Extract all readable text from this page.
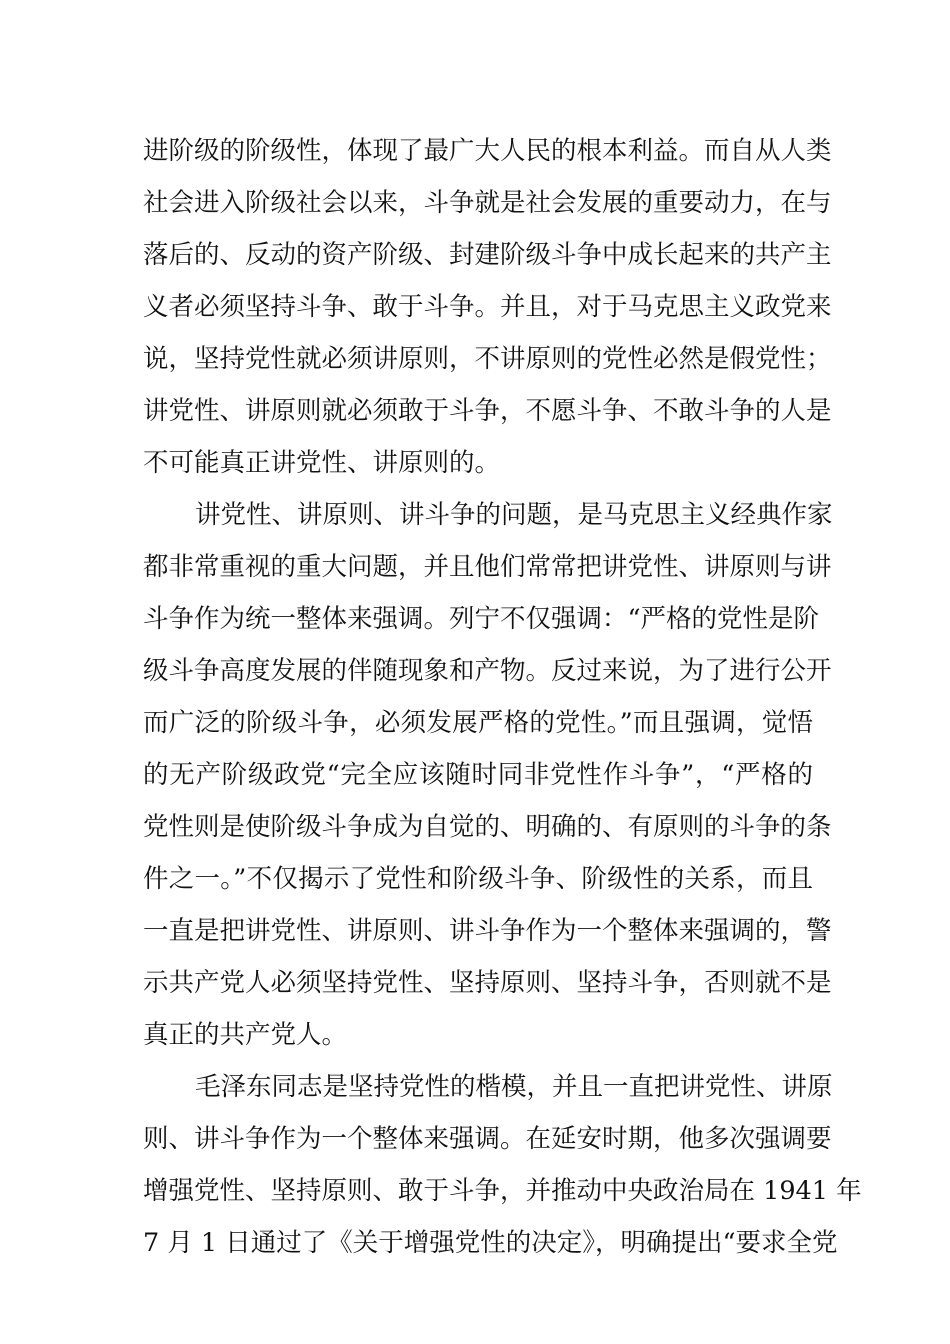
进阶级的阶级性，体现了最广大人民的根本利益。而自从人类
社会进入阶级社会以来，斗争就是社会发展的重要动力，在与
落后的、反动的资产阶级、封建阶级斗争中成长起来的共产主
义者必须坚持斗争、敢于斗争。并且，对于马克思主义政党来
说，坚持党性就必须讲原则，不讲原则的党性必然是假党性；
讲党性、讲原则就必须敢于斗争，不愿斗争、不敢斗争的人是
不可能真正讲党性、讲原则的。
讲党性、讲原则、讲斗争的问题，是马克思主义经典作家
都非常重视的重大问题，并且他们常常把讲党性、讲原则与讲
斗争作为统一整体来强调。列宁不仅强调：“严格的党性是阶
级斗争高度发展的伴随现象和产物。反过来说，为了进行公开
而广泛的阶级斗争，必须发展严格的党性。”而且强调，觉悟
的无产阶级政党“完全应该随时同非党性作斗争”，“严格的
党性则是使阶级斗争成为自觉的、明确的、有原则的斗争的条
件之一。”不仅揭示了党性和阶级斗争、阶级性的关系，而且
一直是把讲党性、讲原则、讲斗争作为一个整体来强调的，警
示共产党人必须坚持党性、坚持原则、坚持斗争，否则就不是
真正的共产党人。
毛泽东同志是坚持党性的楷模，并且一直把讲党性、讲原
则、讲斗争作为一个整体来强调。在延安时期，他多次强调要
增强党性、坚持原则、敢于斗争，并推动中央政治局在 1941 年
7 月 1 日通过了《关于增强党性的决定》，明确提出“要求全党
